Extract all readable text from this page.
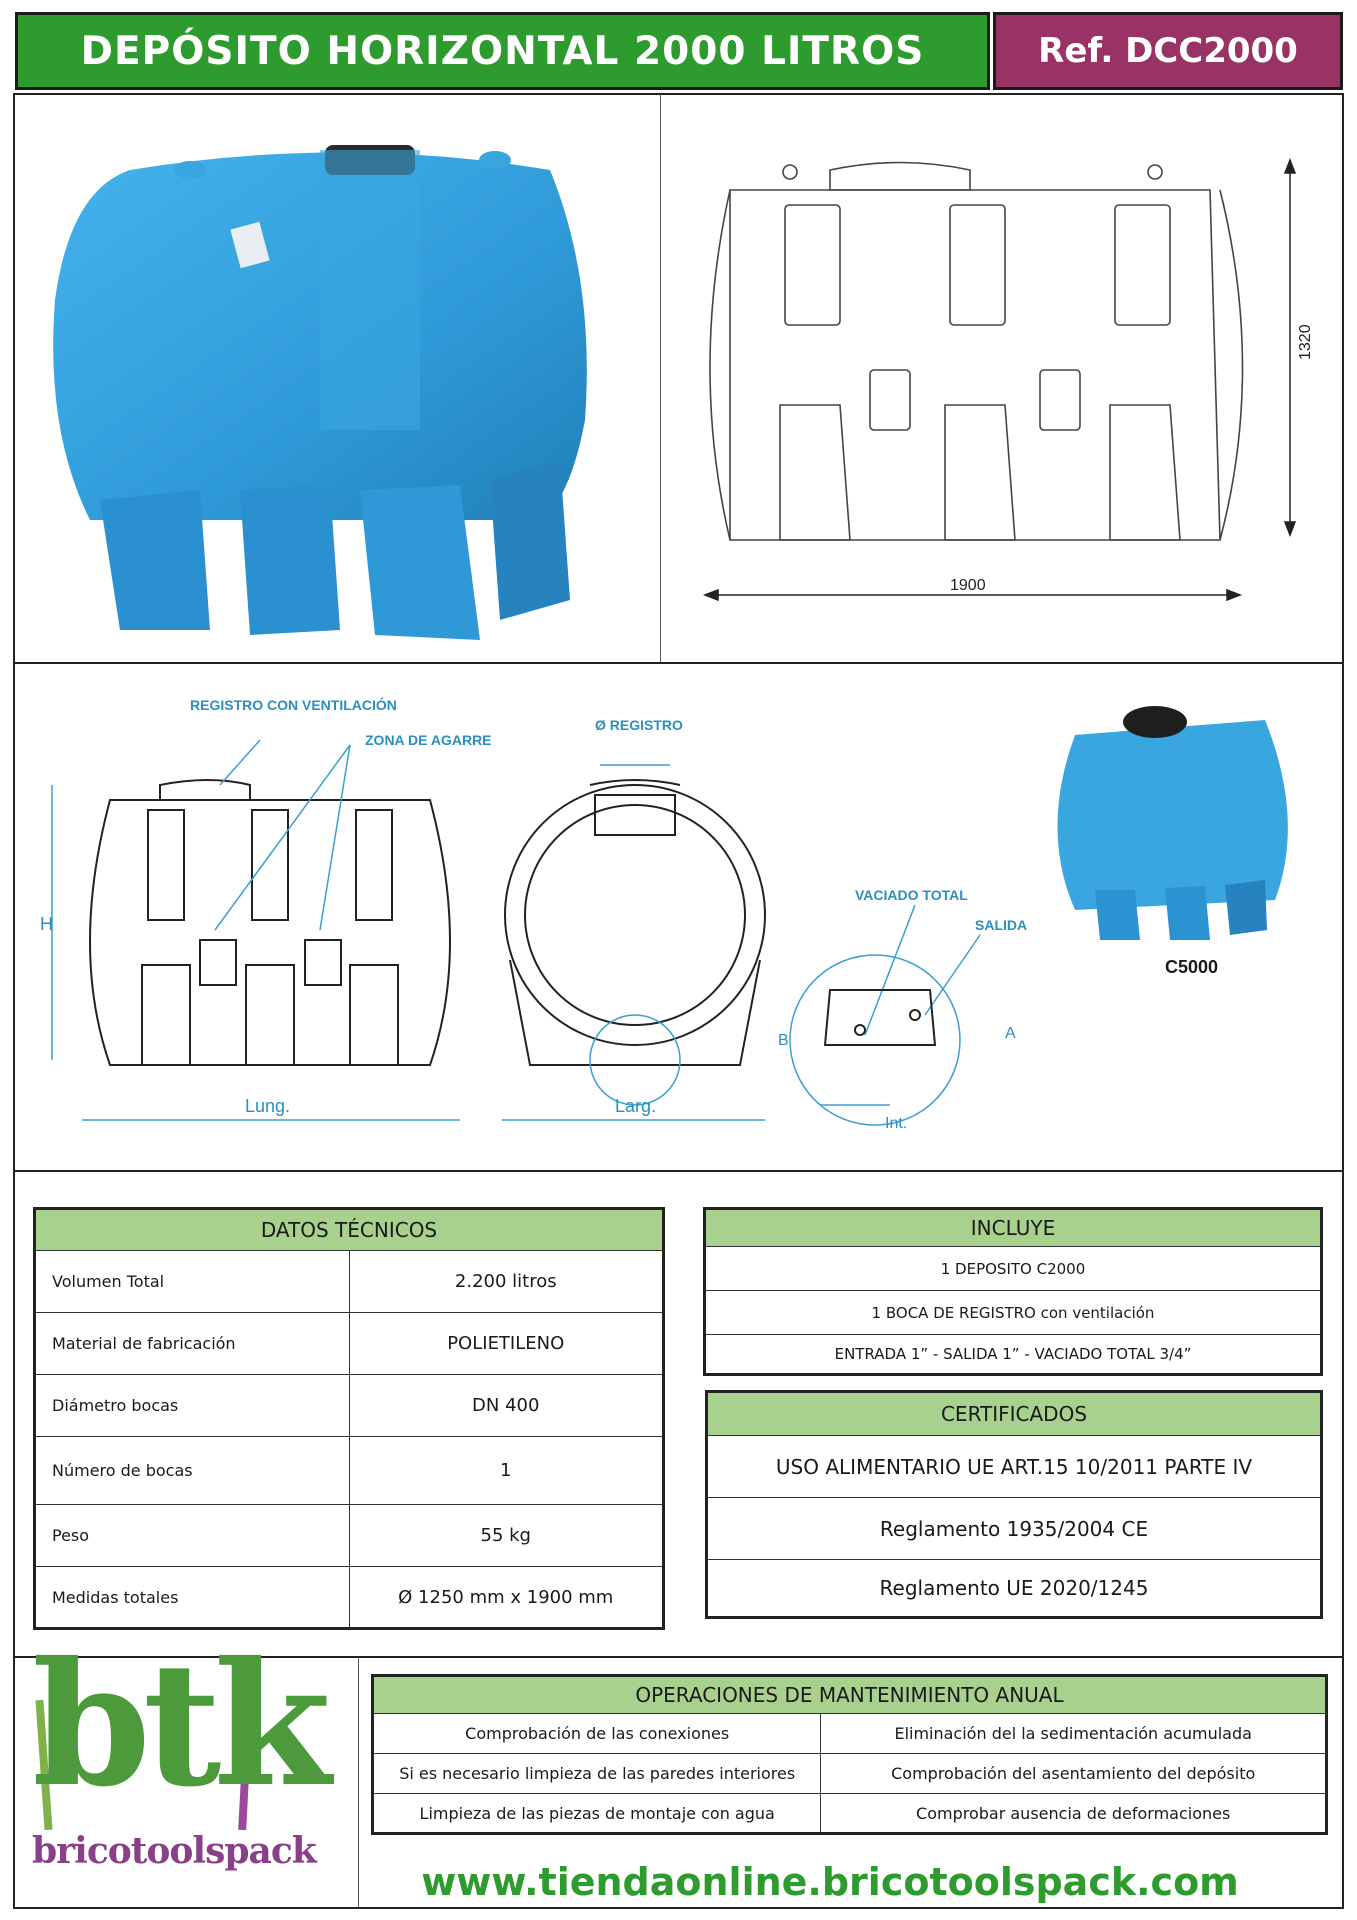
DEPÓSITO HORIZONTAL 2000 LITROS	Ref. DCC2000
1900
1320
REGISTRO CON VENTILACIÓN
ZONA DE AGARRE
Ø REGISTRO
VACIADO TOTAL
SALIDA
H
Lung.	Larg.
Int.
A
B
C5000
DATOS TÉCNICOS	
Volumen Total	2.200 litros
Material de fabricación	POLIETILENO
Diámetro bocas	DN 400
Número de bocas	1
Peso	55 kg
Medidas totales	Ø 1250 mm x 1900 mm
INCLUYE
1 DEPOSITO C2000
1 BOCA DE REGISTRO con ventilación
ENTRADA 1” - SALIDA 1” - VACIADO TOTAL 3/4”
CERTIFICADOS
USO ALIMENTARIO UE ART.15 10/2011 PARTE IV
Reglamento 1935/2004 CE
Reglamento UE 2020/1245
btk
bricotoolspack
OPERACIONES DE MANTENIMIENTO ANUAL	
Comprobación de las conexiones	Eliminación del la sedimentación acumulada
Si es necesario limpieza de las paredes interiores	Comprobación del asentamiento del depósito
Limpieza de las piezas de montaje con agua	Comprobar ausencia de deformaciones
www.tiendaonline.bricotoolspack.com
